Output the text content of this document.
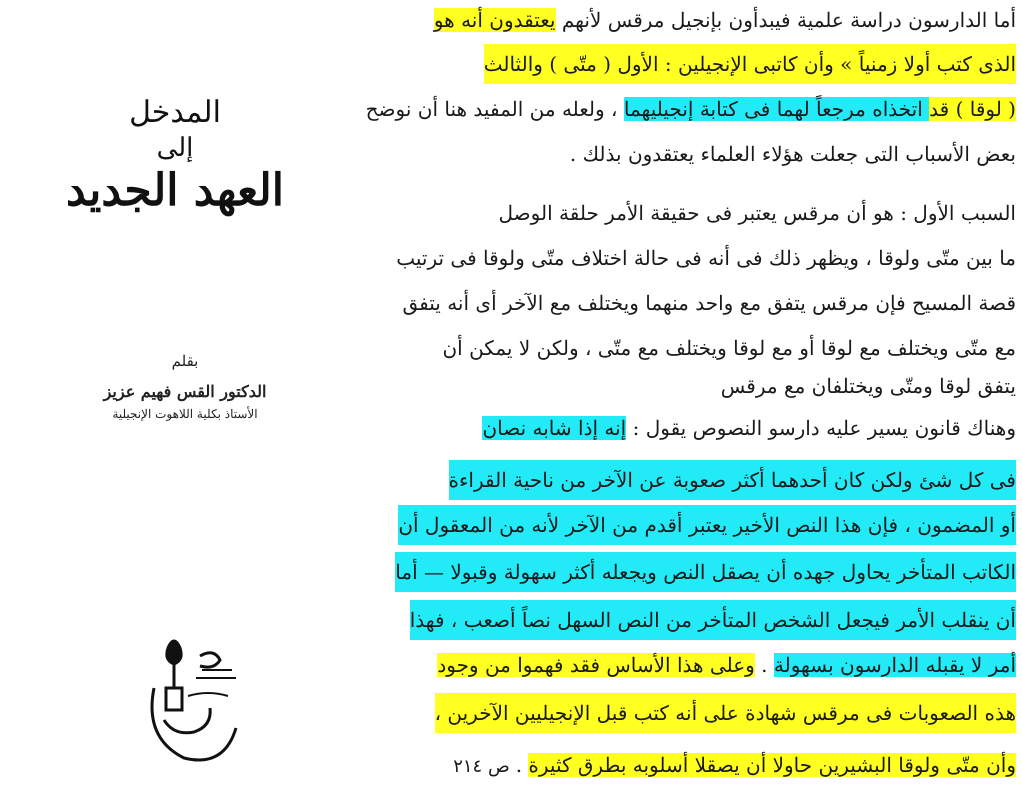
المدخل
إلى
العهد الجديد
بقلم
الدكتور القس فهيم عزيز
الأستاذ بكلية اللاهوت الإنجيلية
أما الدارسون دراسة علمية فيبدأون بإنجيل مرقس لأنهم يعتقدون أنه هو
الذى كتب أولا زمنياً » وأن كاتبى الإنجيلين : الأول ( متّى ) والثالث
( لوقا ) قد اتخذاه مرجعاً لهما فى كتابة إنجيليهما ، ولعله من المفيد هنا أن نوضح
بعض الأسباب التى جعلت هؤلاء العلماء يعتقدون بذلك .
السبب الأول : هو أن مرقس يعتبر فى حقيقة الأمر حلقة الوصل
ما بين متّى ولوقا ، ويظهر ذلك فى أنه فى حالة اختلاف متّى ولوقا فى ترتيب
قصة المسيح فإن مرقس يتفق مع واحد منهما ويختلف مع الآخر أى أنه يتفق
مع متّى ويختلف مع لوقا أو مع لوقا ويختلف مع متّى ، ولكن لا يمكن أن
يتفق لوقا ومتّى ويختلفان مع مرقس
وهناك قانون يسير عليه دارسو النصوص يقول : إنه إذا شابه نصان
فى كل شئ ولكن كان أحدهما أكثر صعوبة عن الآخر من ناحية القراءة
أو المضمون ، فإن هذا النص الأخير يعتبر أقدم من الآخر لأنه من المعقول أن
الكاتب المتأخر يحاول جهده أن يصقل النص ويجعله أكثر سهولة وقبولا — أما
أن ينقلب الأمر فيجعل الشخص المتأخر من النص السهل نصاً أصعب ، فهذا
أمر لا يقبله الدارسون بسهولة . وعلى هذا الأساس فقد فهموا من وجود
هذه الصعوبات فى مرقس شهادة على أنه كتب قبل الإنجيليين الآخرين ،
وأن متّى ولوقا البشيرين حاولا أن يصقلا أسلوبه بطرق كثيرة .ص ٢١٤
